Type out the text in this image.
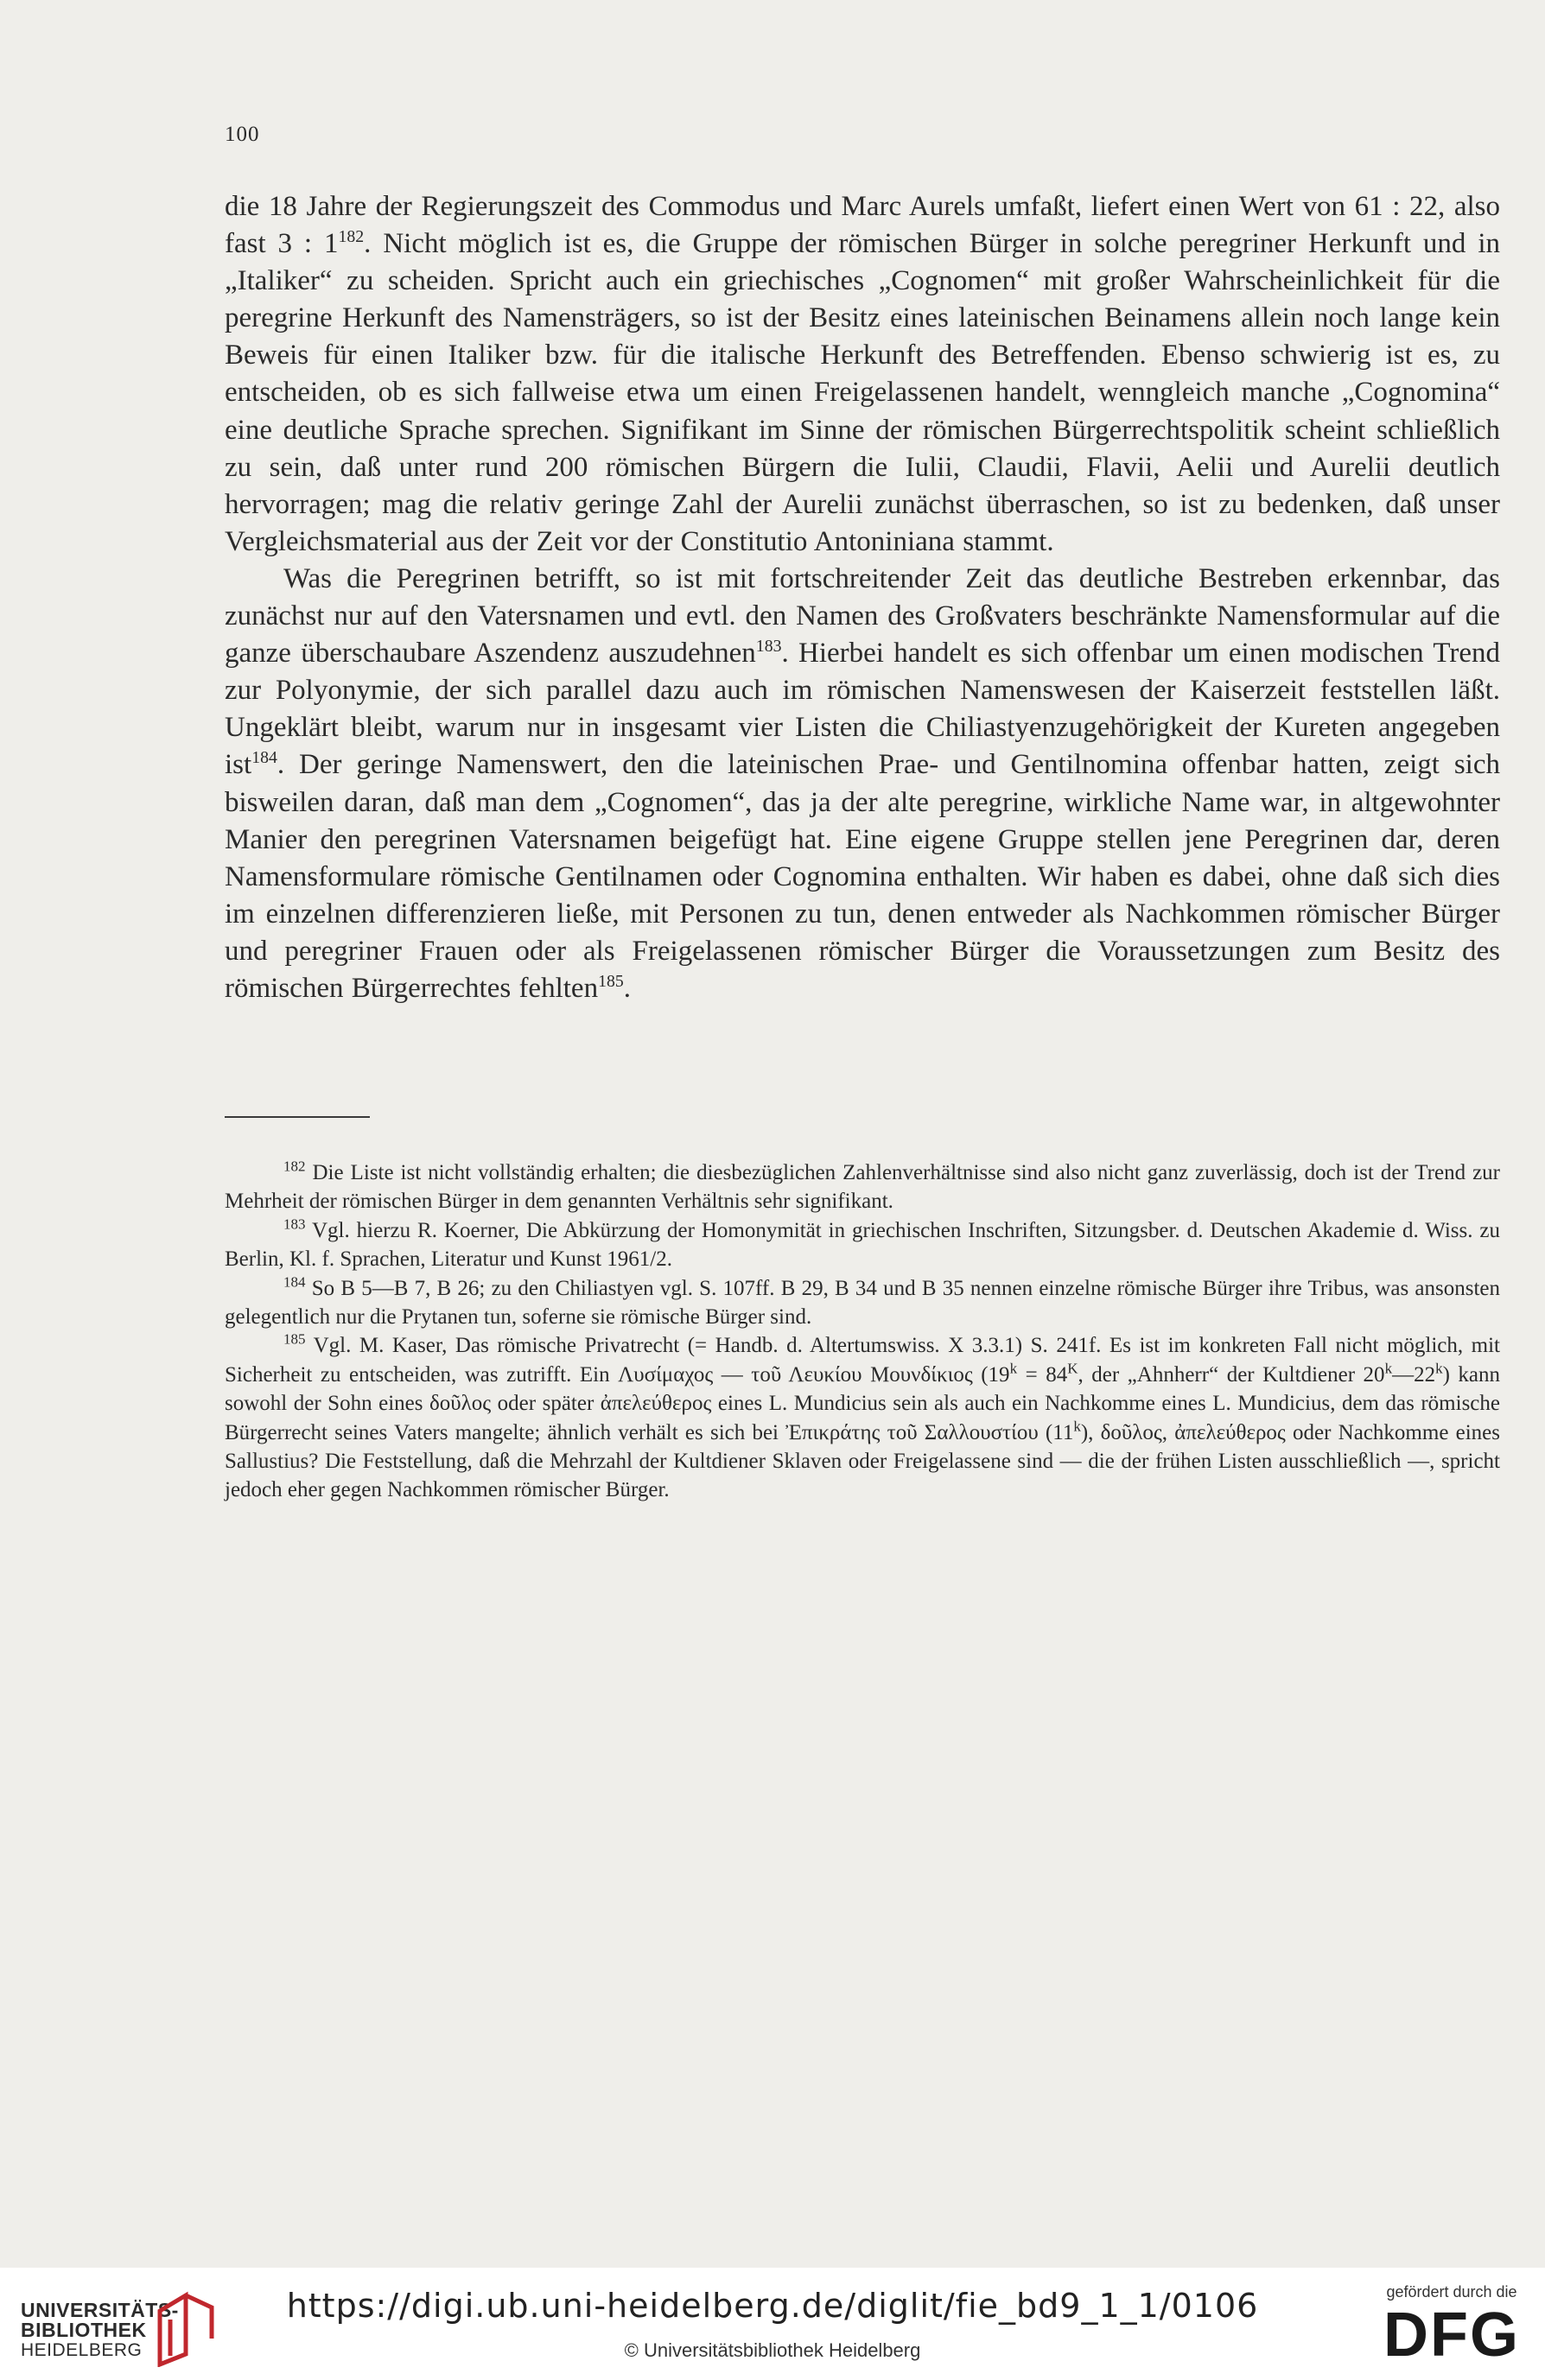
100

die 18 Jahre der Regierungszeit des Commodus und Marc Aurels umfaßt, liefert einen Wert von 61 : 22, also fast 3 : $1^{182}$. Nicht möglich ist es, die Gruppe der römischen Bürger in solche peregriner Herkunft und in „Italiker“ zu scheiden. Spricht auch ein griechisches „Cognomen“ mit großer Wahrscheinlichkeit für die peregrine Herkunft des Namensträgers, so ist der Besitz eines lateinischen Beinamens allein noch lange kein Beweis für einen Italiker bzw. für die italische Herkunft des Betreffenden. Ebenso schwierig ist es, zu entscheiden, ob es sich fallweise etwa um einen Freigelassenen handelt, wenngleich manche „Cognomina“ eine deutliche Sprache sprechen. Signifikant im Sinne der römischen Bürgerrechtspolitik scheint schließlich zu sein, daß unter rund 200 römischen Bürgern die Iulii, Claudii, Flavii, Aelii und Aurelii deutlich hervorragen; mag die relativ geringe Zahl der Aurelii zunächst überraschen, so ist zu bedenken, daß unser Vergleichsmaterial aus der Zeit vor der Constitutio Antoniniana stammt.

Was die Peregrinen betrifft, so ist mit fortschreitender Zeit das deutliche Bestreben erkennbar, das zunächst nur auf den Vatersnamen und evtl. den Namen des Großvaters beschränkte Namensformular auf die ganze überschaubare Aszendenz auszudehnen$^{183}$. Hierbei handelt es sich offenbar um einen modischen Trend zur Polyonymie, der sich parallel dazu auch im römischen Namenswesen der Kaiserzeit feststellen läßt. Ungeklärt bleibt, warum nur in insgesamt vier Listen die Chiliastyenzugehörigkeit der Kureten angegeben ist$^{184}$. Der geringe Namenswert, den die lateinischen Prae- und Gentilnomina offenbar hatten, zeigt sich bisweilen daran, daß man dem „Cognomen“, das ja der alte peregrine, wirkliche Name war, in altgewohnter Manier den peregrinen Vatersnamen beigefügt hat. Eine eigene Gruppe stellen jene Peregrinen dar, deren Namensformulare römische Gentilnamen oder Cognomina enthalten. Wir haben es dabei, ohne daß sich dies im einzelnen differenzieren ließe, mit Personen zu tun, denen entweder als Nachkommen römischer Bürger und peregriner Frauen oder als Freigelassenen römischer Bürger die Voraussetzungen zum Besitz des römischen Bürgerrechtes fehlten$^{185}$.

$^{182}$ Die Liste ist nicht vollständig erhalten; die diesbezüglichen Zahlenverhältnisse sind also nicht ganz zuverlässig, doch ist der Trend zur Mehrheit der römischen Bürger in dem genannten Verhältnis sehr signifikant.

$^{183}$ Vgl. hierzu R. Koerner, Die Abkürzung der Homonymität in griechischen Inschriften, Sitzungsber. d. Deutschen Akademie d. Wiss. zu Berlin, Kl. f. Sprachen, Literatur und Kunst 1961/2.

$^{184}$ So B 5—B 7, B 26; zu den Chiliastyen vgl. S. 107ff. B 29, B 34 und B 35 nennen einzelne römische Bürger ihre Tribus, was ansonsten gelegentlich nur die Prytanen tun, soferne sie römische Bürger sind.

$^{185}$ Vgl. M. Kaser, Das römische Privatrecht (= Handb. d. Altertumswiss. X 3.3.1) S. 241f. Es ist im konkreten Fall nicht möglich, mit Sicherheit zu entscheiden, was zutrifft. Ein Λυσίμαχος — τοῦ Λευκίου Μουνδίκιος ($19^k = 84^K$, der „Ahnherr“ der Kultdiener 20$^k$—22$^k$) kann sowohl der Sohn eines δοῦλος oder später ἀπελεύθερος eines L. Mundicius sein als auch ein Nachkomme eines L. Mundicius, dem das römische Bürgerrecht seines Vaters mangelte; ähnlich verhält es sich bei Ἐπικράτης τοῦ Σαλλουστίου (11$^k$), δοῦλος, ἀπελεύθερος oder Nachkomme eines Sallustius? Die Feststellung, daß die Mehrzahl der Kultdiener Sklaven oder Freigelassene sind — die der frühen Listen ausschließlich —, spricht jedoch eher gegen Nachkommen römischer Bürger.

UNIVERSITÄTS-
BIBLIOTHEK
HEIDELBERG
https://digi.ub.uni-heidelberg.de/diglit/fie_bd9_1_1/0106
© Universitätsbibliothek Heidelberg
gefördert durch die
DFG
